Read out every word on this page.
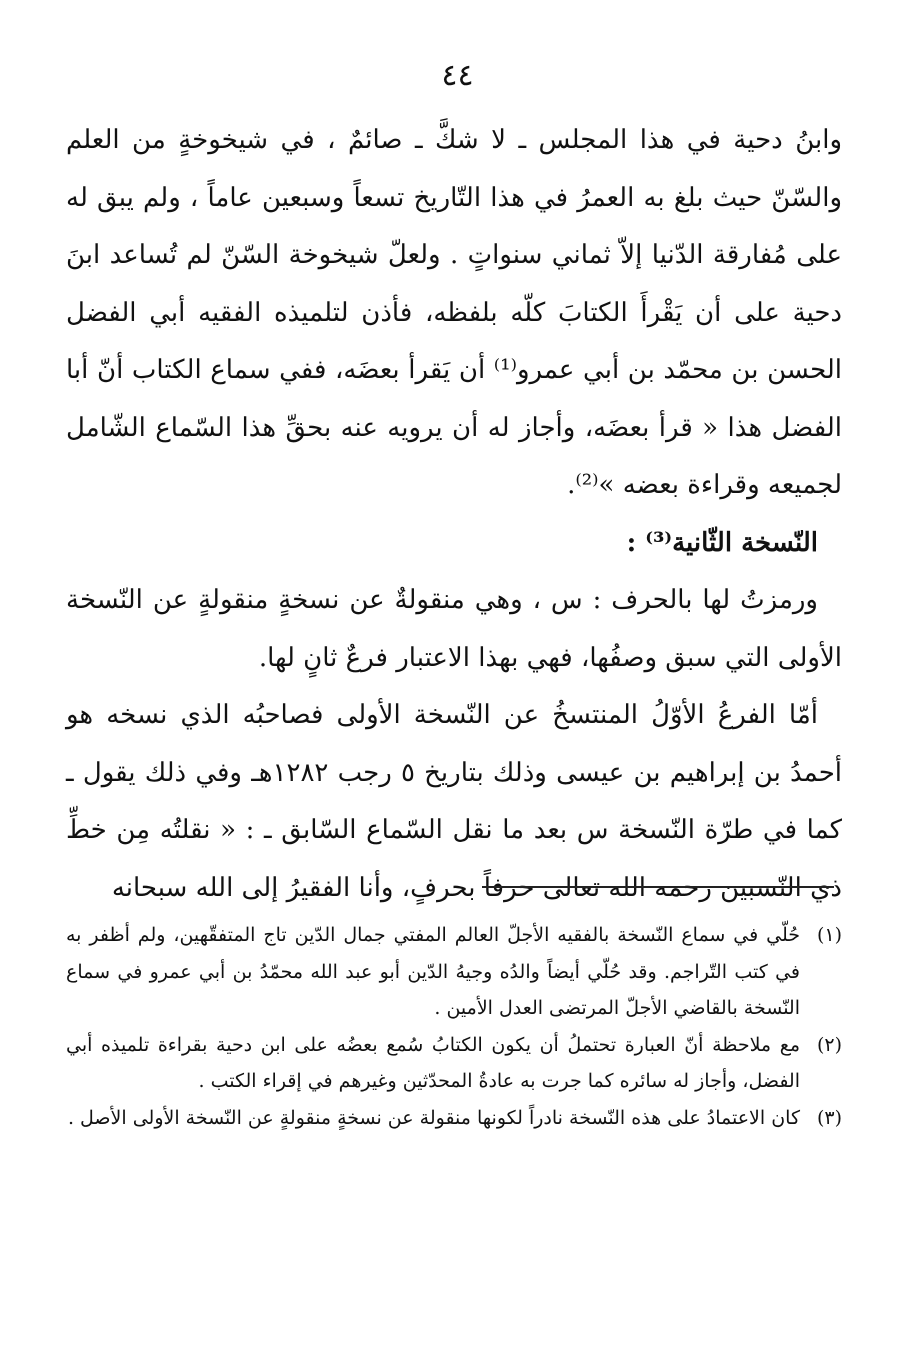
٤٤

وابنُ دحية في هذا المجلس ـ لا شكَّ ـ صائمٌ ، في شيخوخةٍ من العلم والسّنّ حيث بلغ به العمرُ في هذا التّاريخ تسعاً وسبعين عاماً ، ولم يبق له على مُفارقة الدّنيا إلاّ ثماني سنواتٍ . ولعلّ شيخوخة السّنّ لم تُساعد ابنَ دحية على أن يَقْرأَ الكتابَ كلّه بلفظه، فأذن لتلميذه الفقيه أبي الفضل الحسن بن محمّد بن أبي عمرو⁽¹⁾ أن يَقرأ بعضَه، ففي سماع الكتاب أنّ أبا الفضل هذا « قرأ بعضَه، وأجاز له أن يرويه عنه بحقِّ هذا السّماع الشّامل لجميعه وقراءة بعضه »⁽²⁾.

النّسخة الثّانية⁽³⁾ :

ورمزتُ لها بالحرف : س ، وهي منقولةٌ عن نسخةٍ منقولةٍ عن النّسخة الأولى التي سبق وصفُها، فهي بهذا الاعتبار فرعٌ ثانٍ لها.

أمّا الفرعُ الأوّلُ المنتسخُ عن النّسخة الأولى فصاحبُه الذي نسخه هو أحمدُ بن إبراهيم بن عيسى وذلك بتاريخ ٥ رجب ١٢٨٢هـ وفي ذلك يقول ـ كما في طرّة النّسخة س بعد ما نقل السّماع السّابق ـ : « نقلتُه مِن خطِّ ذي النّسبين رحمه الله تعالى حرفاً بحرفٍ، وأنا الفقيرُ إلى الله سبحانه

(١)

حُلّي في سماع النّسخة بالفقيه الأجلّ العالم المفتي جمال الدّين تاج المتفقّهين، ولم أظفر به في كتب التّراجم. وقد حُلّي أيضاً والدُه وجيهُ الدّين أبو عبد الله محمّدُ بن أبي عمرو في سماع النّسخة بالقاضي الأجلّ المرتضى العدل الأمين .

(٢)

مع ملاحظة أنّ العبارة تحتملُ أن يكون الكتابُ سُمع بعضُه على ابن دحية بقراءة تلميذه أبي الفضل، وأجاز له سائره كما جرت به عادةُ المحدّثين وغيرهم في إقراء الكتب .

(٣)

كان الاعتمادُ على هذه النّسخة نادراً لكونها منقولة عن نسخةٍ منقولةٍ عن النّسخة الأولى الأصل .
